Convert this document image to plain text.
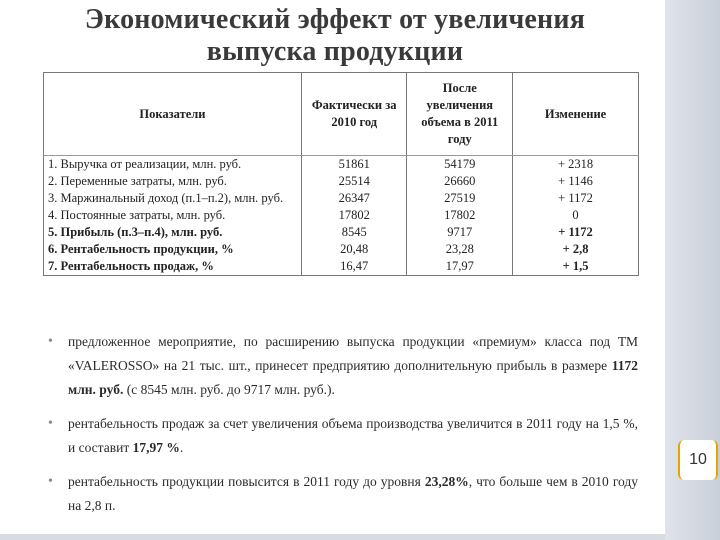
Экономический эффект от увеличения выпуска продукции
Показатели	Фактически за 2010 год	После увеличения объема в 2011 году	Изменение
1. Выручка от реализации, млн. руб.	51861	54179	+ 2318
2. Переменные затраты, млн. руб.	25514	26660	+ 1146
3. Маржинальный доход (п.1–п.2), млн. руб.	26347	27519	+ 1172
4. Постоянные затраты, млн. руб.	17802	17802	0
5. Прибыль (п.3–п.4), млн. руб.	8545	9717	+ 1172
6. Рентабельность продукции, %	20,48	23,28	+ 2,8
7. Рентабельность продаж, %	16,47	17,97	+ 1,5
• предложенное мероприятие, по расширению выпуска продукции «премиум» класса под ТМ «VALEROSSO» на 21 тыс. шт., принесет предприятию дополнительную прибыль в размере 1172 млн. руб. (с 8545 млн. руб. до 9717 млн. руб.).
• рентабельность продаж за счет увеличения объема производства увеличится в 2011 году на 1,5 %, и составит 17,97 %.
• рентабельность продукции повысится в 2011 году до уровня 23,28%, что больше чем в 2010 году на 2,8 п.
10
